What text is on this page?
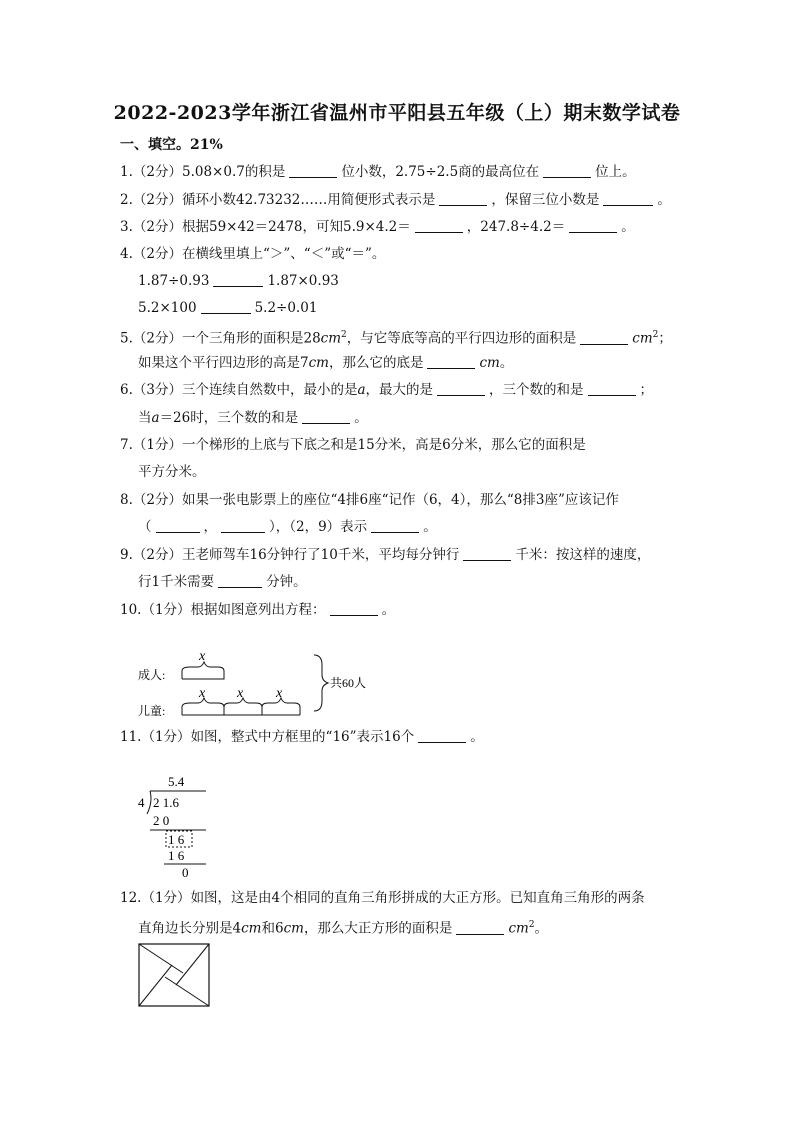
2022-2023学年浙江省温州市平阳县五年级（上）期末数学试卷
一、填空。21%
1.（2分）5.08×0.7的积是	位小数，2.75÷2.5商的最高位在	位上。
2.（2分）循环小数42.73232……用简便形式表示是	，保留三位小数是	。
3.（2分）根据59×42＝2478，可知5.9×4.2＝	，247.8÷4.2＝	。
4.（2分）在横线里填上“＞”、“＜”或“＝”。
1.87÷0.93	1.87×0.93
5.2×100	5.2÷0.01
5.（2分）一个三角形的面积是$28cm^2$，与它等底等高的平行四边形的面积是	$cm^2$；
如果这个平行四边形的高是7cm，那么它的底是	cm。
6.（3分）三个连续自然数中，最小的是a，最大的是	，三个数的和是	；
当a＝26时，三个数的和是	。
7.（1分）一个梯形的上底与下底之和是15分米，高是6分米，那么它的面积是
平方分米。
8.（2分）如果一张电影票上的座位“4排6座“记作（6，4），那么“8排3座”应该记作
（	，	），（2，9）表示	。
9.（2分）王老师驾车16分钟行了10千米，平均每分钟行	千米：按这样的速度，
行1千米需要	分钟。
10.（1分）根据如图意列出方程：	。
成人:
儿童:
x
x x x
共60人
11.（1分）如图，整式中方框里的“16”表示16个	。
5.4
4 2 1.6
2 0
1 6
1 6
0
12.（1分）如图，这是由4个相同的直角三角形拼成的大正方形。已知直角三角形的两条
直角边长分别是4cm和6cm，那么大正方形的面积是	$cm^2$。
